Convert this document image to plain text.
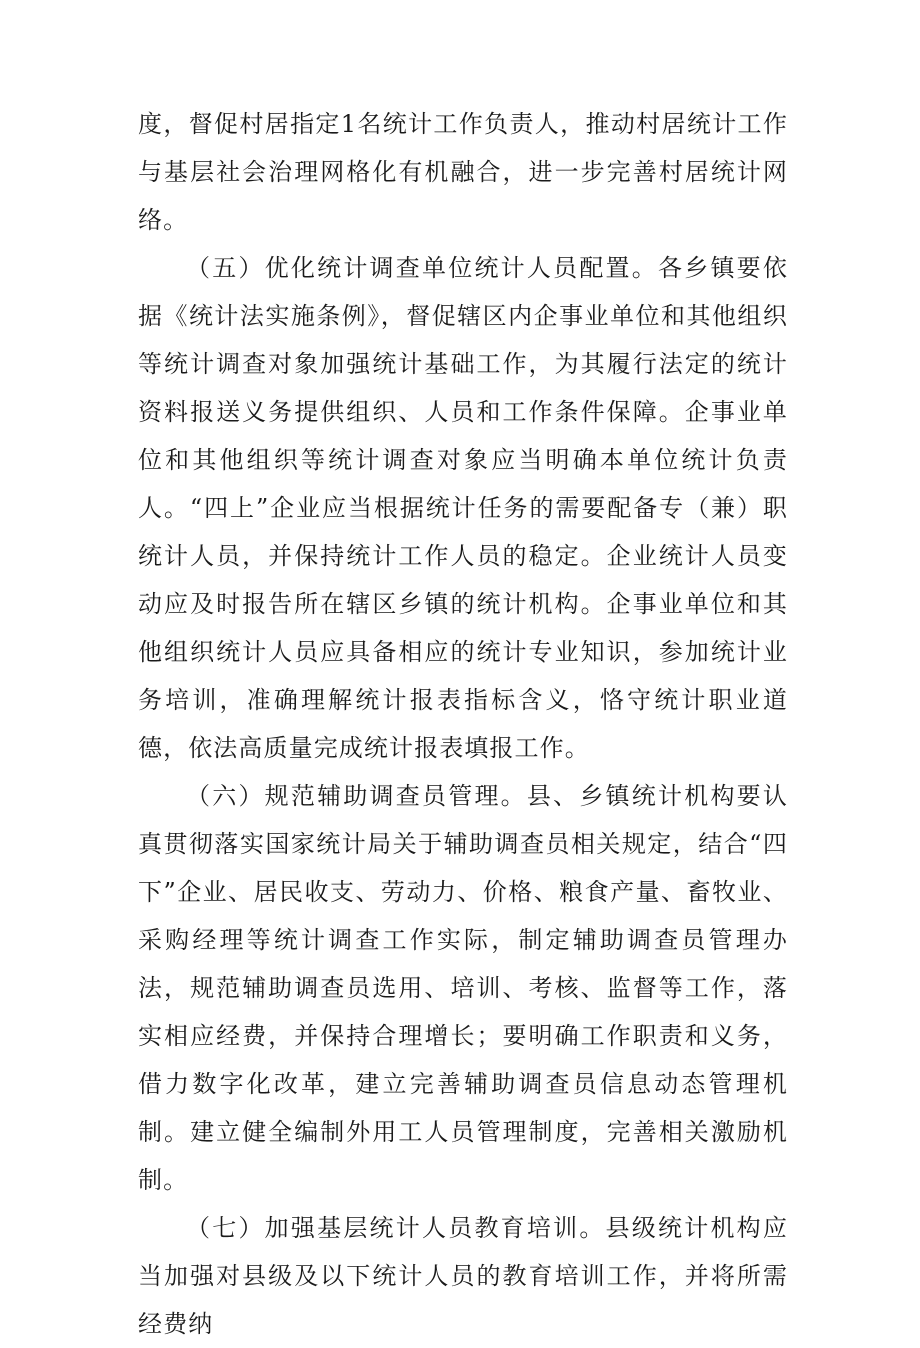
度，督促村居指定1名统计工作负责人，推动村居统计工作与基层社会治理网格化有机融合，进一步完善村居统计网络。

（五）优化统计调查单位统计人员配置。各乡镇要依据《统计法实施条例》，督促辖区内企事业单位和其他组织等统计调查对象加强统计基础工作，为其履行法定的统计资料报送义务提供组织、人员和工作条件保障。企事业单位和其他组织等统计调查对象应当明确本单位统计负责人。“四上”企业应当根据统计任务的需要配备专（兼）职统计人员，并保持统计工作人员的稳定。企业统计人员变动应及时报告所在辖区乡镇的统计机构。企事业单位和其他组织统计人员应具备相应的统计专业知识，参加统计业务培训，准确理解统计报表指标含义，恪守统计职业道德，依法高质量完成统计报表填报工作。

（六）规范辅助调查员管理。县、乡镇统计机构要认真贯彻落实国家统计局关于辅助调查员相关规定，结合“四下”企业、居民收支、劳动力、价格、粮食产量、畜牧业、采购经理等统计调查工作实际，制定辅助调查员管理办法，规范辅助调查员选用、培训、考核、监督等工作，落实相应经费，并保持合理增长；要明确工作职责和义务，借力数字化改革，建立完善辅助调查员信息动态管理机制。建立健全编制外用工人员管理制度，完善相关激励机制。

（七）加强基层统计人员教育培训。县级统计机构应当加强对县级及以下统计人员的教育培训工作，并将所需经费纳
